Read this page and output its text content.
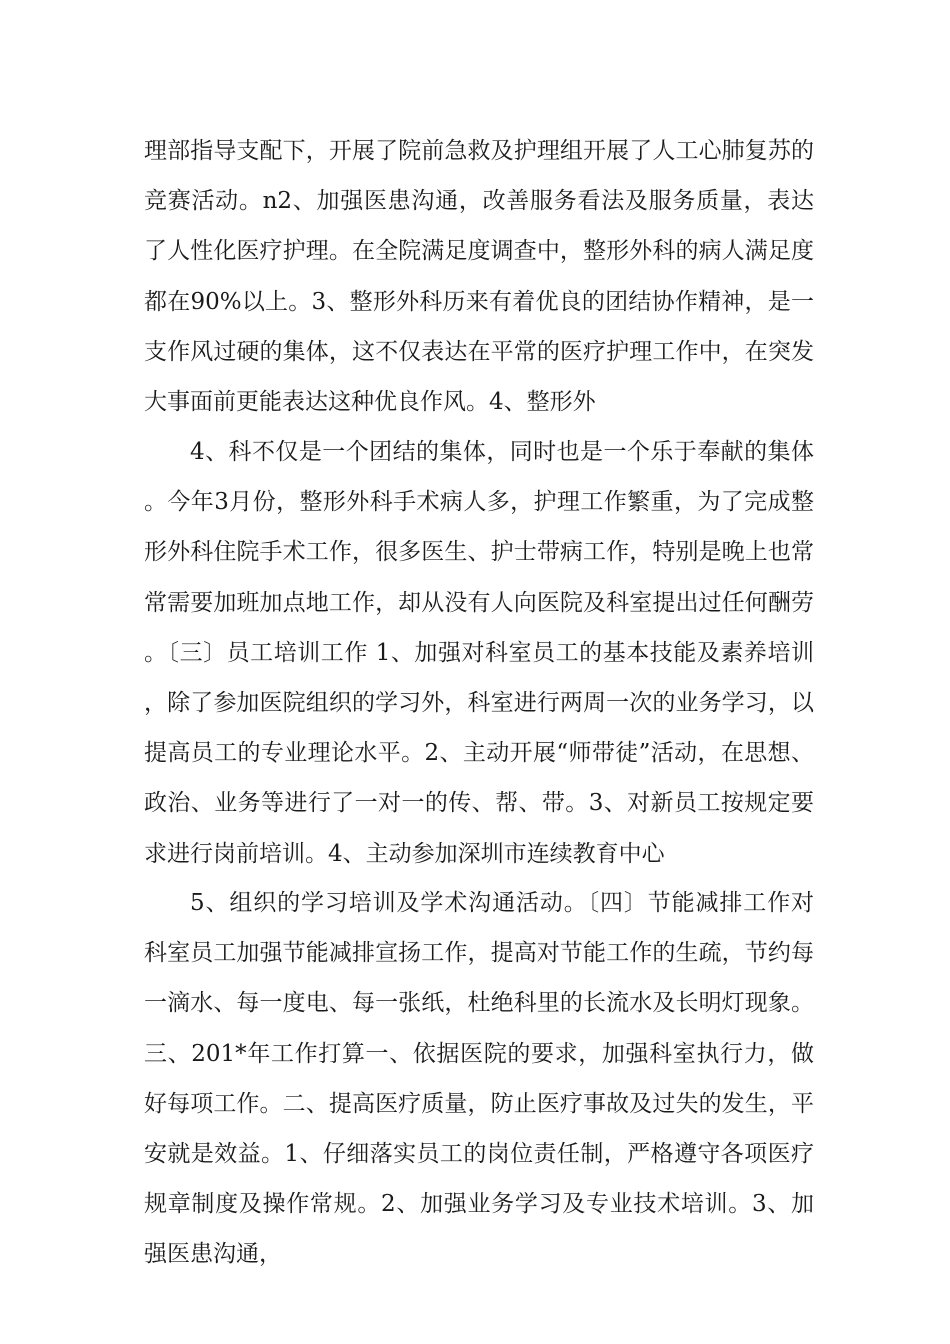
理部指导支配下，开展了院前急救及护理组开展了人工心肺复苏的竞赛活动。n2、加强医患沟通，改善服务看法及服务质量，表达了人性化医疗护理。在全院满足度调查中，整形外科的病人满足度都在90%以上。3、整形外科历来有着优良的团结协作精神，是一支作风过硬的集体，这不仅表达在平常的医疗护理工作中，在突发大事面前更能表达这种优良作风。4、整形外

4、科不仅是一个团结的集体，同时也是一个乐于奉献的集体。今年3月份，整形外科手术病人多，护理工作繁重，为了完成整形外科住院手术工作，很多医生、护士带病工作，特别是晚上也常常需要加班加点地工作，却从没有人向医院及科室提出过任何酬劳。〔三〕员工培训工作 1、加强对科室员工的基本技能及素养培训，除了参加医院组织的学习外，科室进行两周一次的业务学习，以提高员工的专业理论水平。2、主动开展“师带徒”活动，在思想、政治、业务等进行了一对一的传、帮、带。3、对新员工按规定要求进行岗前培训。4、主动参加深圳市连续教育中心

5、组织的学习培训及学术沟通活动。〔四〕节能减排工作对科室员工加强节能减排宣扬工作，提高对节能工作的生疏，节约每一滴水、每一度电、每一张纸，杜绝科里的长流水及长明灯现象。三、201*年工作打算一、依据医院的要求，加强科室执行力，做好每项工作。二、提高医疗质量，防止医疗事故及过失的发生，平安就是效益。1、仔细落实员工的岗位责任制，严格遵守各项医疗规章制度及操作常规。2、加强业务学习及专业技术培训。3、加强医患沟通，
